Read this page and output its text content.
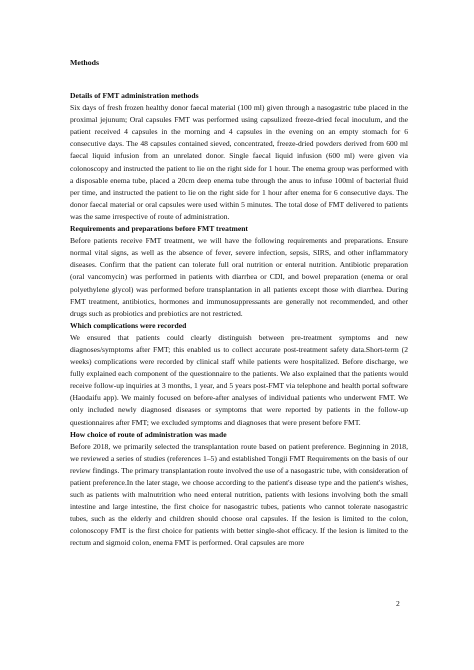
Methods
Details of FMT administration methods
Six days of fresh frozen healthy donor faecal material (100 ml) given through a nasogastric tube placed in the proximal jejunum; Oral capsules FMT was performed using capsulized freeze-dried fecal inoculum, and the patient received 4 capsules in the morning and 4 capsules in the evening on an empty stomach for 6 consecutive days. The 48 capsules contained sieved, concentrated, freeze-dried powders derived from 600 ml faecal liquid infusion from an unrelated donor. Single faecal liquid infusion (600 ml) were given via colonoscopy and instructed the patient to lie on the right side for 1 hour. The enema group was performed with a disposable enema tube, placed a 20cm deep enema tube through the anus to infuse 100ml of bacterial fluid per time, and instructed the patient to lie on the right side for 1 hour after enema for 6 consecutive days. The donor faecal material or oral capsules were used within 5 minutes. The total dose of FMT delivered to patients was the same irrespective of route of administration.
Requirements and preparations before FMT treatment
Before patients receive FMT treatment, we will have the following requirements and preparations. Ensure normal vital signs, as well as the absence of fever, severe infection, sepsis, SIRS, and other inflammatory diseases. Confirm that the patient can tolerate full oral nutrition or enteral nutrition. Antibiotic preparation (oral vancomycin) was performed in patients with diarrhea or CDI, and bowel preparation (enema or oral polyethylene glycol) was performed before transplantation in all patients except those with diarrhea. During FMT treatment, antibiotics, hormones and immunosuppressants are generally not recommended, and other drugs such as probiotics and prebiotics are not restricted.
Which complications were recorded
We ensured that patients could clearly distinguish between pre-treatment symptoms and new diagnoses/symptoms after FMT; this enabled us to collect accurate post-treatment safety data.Short-term (2 weeks) complications were recorded by clinical staff while patients were hospitalized. Before discharge, we fully explained each component of the questionnaire to the patients. We also explained that the patients would receive follow-up inquiries at 3 months, 1 year, and 5 years post-FMT via telephone and health portal software (Haodaifu app). We mainly focused on before-after analyses of individual patients who underwent FMT. We only included newly diagnosed diseases or symptoms that were reported by patients in the follow-up questionnaires after FMT; we excluded symptoms and diagnoses that were present before FMT.
How choice of route of administration was made
Before 2018, we primarily selected the transplantation route based on patient preference. Beginning in 2018, we reviewed a series of studies (references 1–5) and established Tongji FMT Requirements on the basis of our review findings. The primary transplantation route involved the use of a nasogastric tube, with consideration of patient preference.In the later stage, we choose according to the patient's disease type and the patient's wishes, such as patients with malnutrition who need enteral nutrition, patients with lesions involving both the small intestine and large intestine, the first choice for nasogastric tubes, patients who cannot tolerate nasogastric tubes, such as the elderly and children should choose oral capsules. If the lesion is limited to the colon, colonoscopy FMT is the first choice for patients with better single-shot efficacy. If the lesion is limited to the rectum and sigmoid colon, enema FMT is performed. Oral capsules are more
2
